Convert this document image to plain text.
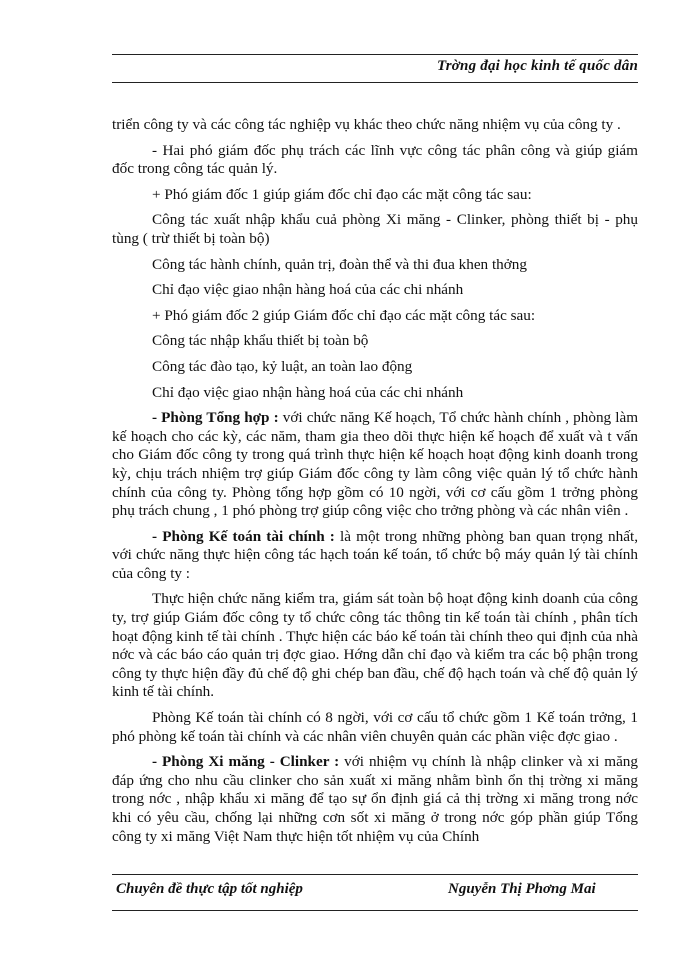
Trờng đại học kinh tế quốc dân

triển công ty và các công tác nghiệp vụ khác theo chức năng nhiệm vụ của công ty .

- Hai phó giám đốc phụ trách các lĩnh vực công tác phân công và giúp giám đốc trong công tác quản lý.

+ Phó giám đốc 1 giúp giám đốc chỉ đạo các mặt công tác sau:

Công tác xuất nhập khẩu cuả phòng Xi măng - Clinker, phòng thiết bị - phụ tùng ( trừ thiết bị toàn bộ)

Công tác hành chính, quản trị, đoàn thể và thi đua khen thởng

Chỉ đạo việc giao nhận hàng hoá của các chi nhánh

+ Phó giám đốc 2 giúp Giám đốc chỉ đạo các mặt công tác sau:

Công tác nhập khẩu thiết bị toàn bộ

Công tác đào tạo, kỷ luật, an toàn lao động

Chỉ đạo việc giao nhận hàng hoá của các chi nhánh

- Phòng Tổng hợp : với chức năng Kế hoạch, Tổ chức hành chính , phòng làm kế hoạch cho các kỳ, các năm, tham gia theo dõi thực hiện kế hoạch để xuất và t vấn cho Giám đốc công ty trong quá trình thực hiện kế hoạch hoạt động kinh doanh trong kỳ, chịu trách nhiệm trợ giúp Giám đốc công ty làm công việc quản lý tổ chức hành chính của công ty. Phòng tổng hợp gồm có 10 ngời, với cơ cấu gồm 1 trởng phòng phụ trách chung , 1 phó phòng trợ giúp công việc cho trởng phòng và các nhân viên .

- Phòng Kế toán tài chính : là một trong những phòng ban quan trọng nhất, với chức năng thực hiện công tác hạch toán kế toán, tổ chức bộ máy quản lý tài chính của công ty :

Thực hiện chức năng kiểm tra, giám sát toàn bộ hoạt động kinh doanh của công ty, trợ giúp Giám đốc công ty tổ chức công tác thông tin kế toán tài chính , phân tích hoạt động kinh tế tài chính . Thực hiện các báo kế toán tài chính theo qui định của nhà nớc và các báo cáo quản trị đợc giao. Hớng dẫn chỉ đạo và kiểm tra các bộ phận trong công ty thực hiện đầy đủ chế độ ghi chép ban đầu, chế độ hạch toán và chế độ quản lý kinh tế tài chính.

Phòng Kế toán tài chính có 8 ngời, với cơ cấu tổ chức gồm 1 Kế toán trởng, 1 phó phòng kế toán tài chính và các nhân viên chuyên quản các phần việc đợc giao .

- Phòng Xi măng - Clinker : với nhiệm vụ chính là nhập clinker và xi măng đáp ứng cho nhu cầu clinker cho sản xuất xi măng nhằm bình ổn thị trờng xi măng trong nớc , nhập khẩu xi măng để tạo sự ổn định giá cả thị trờng xi măng trong nớc khi có yêu cầu, chống lại những cơn sốt xi măng ở trong nớc góp phần giúp Tổng công ty xi măng Việt Nam thực hiện tốt nhiệm vụ của Chính

Chuyên đề thực tập tốt nghiệp	Nguyễn Thị Phơng Mai
